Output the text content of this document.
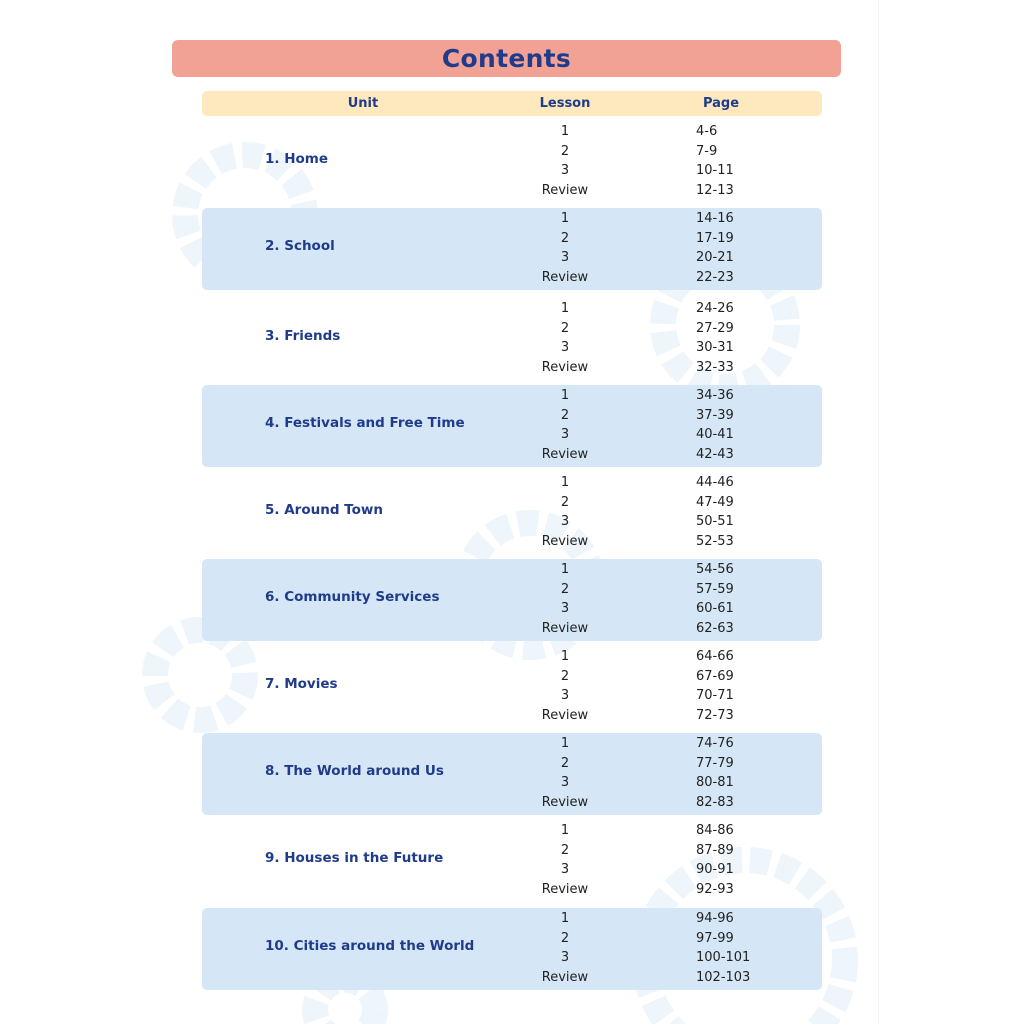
Contents
Unit	Lesson	Page
1. Home
1	4-6
2	7-9
3	10-11
Review	12-13
2. School
1	14-16
2	17-19
3	20-21
Review	22-23
3. Friends
1	24-26
2	27-29
3	30-31
Review	32-33
4. Festivals and Free Time
1	34-36
2	37-39
3	40-41
Review	42-43
5. Around Town
1	44-46
2	47-49
3	50-51
Review	52-53
6. Community Services
1	54-56
2	57-59
3	60-61
Review	62-63
7. Movies
1	64-66
2	67-69
3	70-71
Review	72-73
8. The World around Us
1	74-76
2	77-79
3	80-81
Review	82-83
9. Houses in the Future
1	84-86
2	87-89
3	90-91
Review	92-93
10. Cities around the World
1	94-96
2	97-99
3	100-101
Review	102-103
